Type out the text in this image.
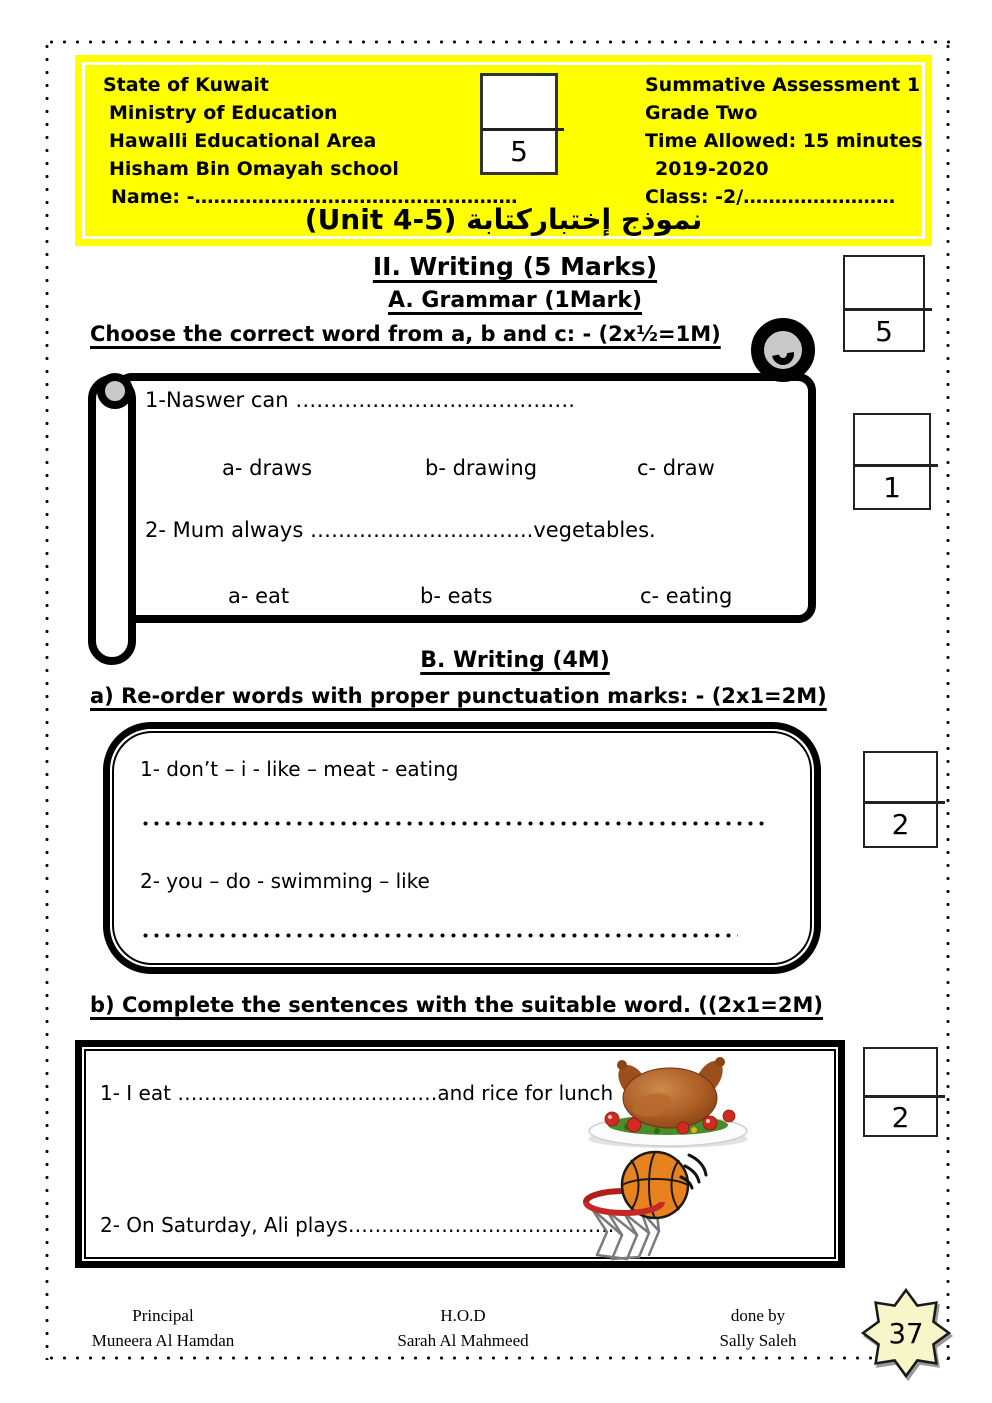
State of Kuwait
Ministry of Education
Hawalli Educational Area
Hisham Bin Omayah school
Name: -……………………………………………
5
Summative Assessment 1
Grade Two
Time Allowed: 15 minutes
2019-2020
Class: -2/……………………
نموذج إختباركتابة (Unit 4-5)
II. Writing (5 Marks)
5
A. Grammar (1Mark)
Choose the correct word from a, b and c: - (2x½=1M)
1-Naswer can ………………………………….
a- draws	b- drawing	c- draw
2- Mum always …………………………..vegetables.
a- eat	b- eats	c- eating
1
B. Writing (4M)
a) Re-order words with proper punctuation marks: - (2x1=2M)
1- don’t – i - like – meat - eating
2- you – do - swimming – like
2
b) Complete the sentences with the suitable word. ((2x1=2M)
1- I eat …………………………………and rice for lunch
2- On Saturday, Ali plays…………………………………..
2
Principal
Muneera Al Hamdan
H.O.D
Sarah Al Mahmeed
done by
Sally Saleh	37
